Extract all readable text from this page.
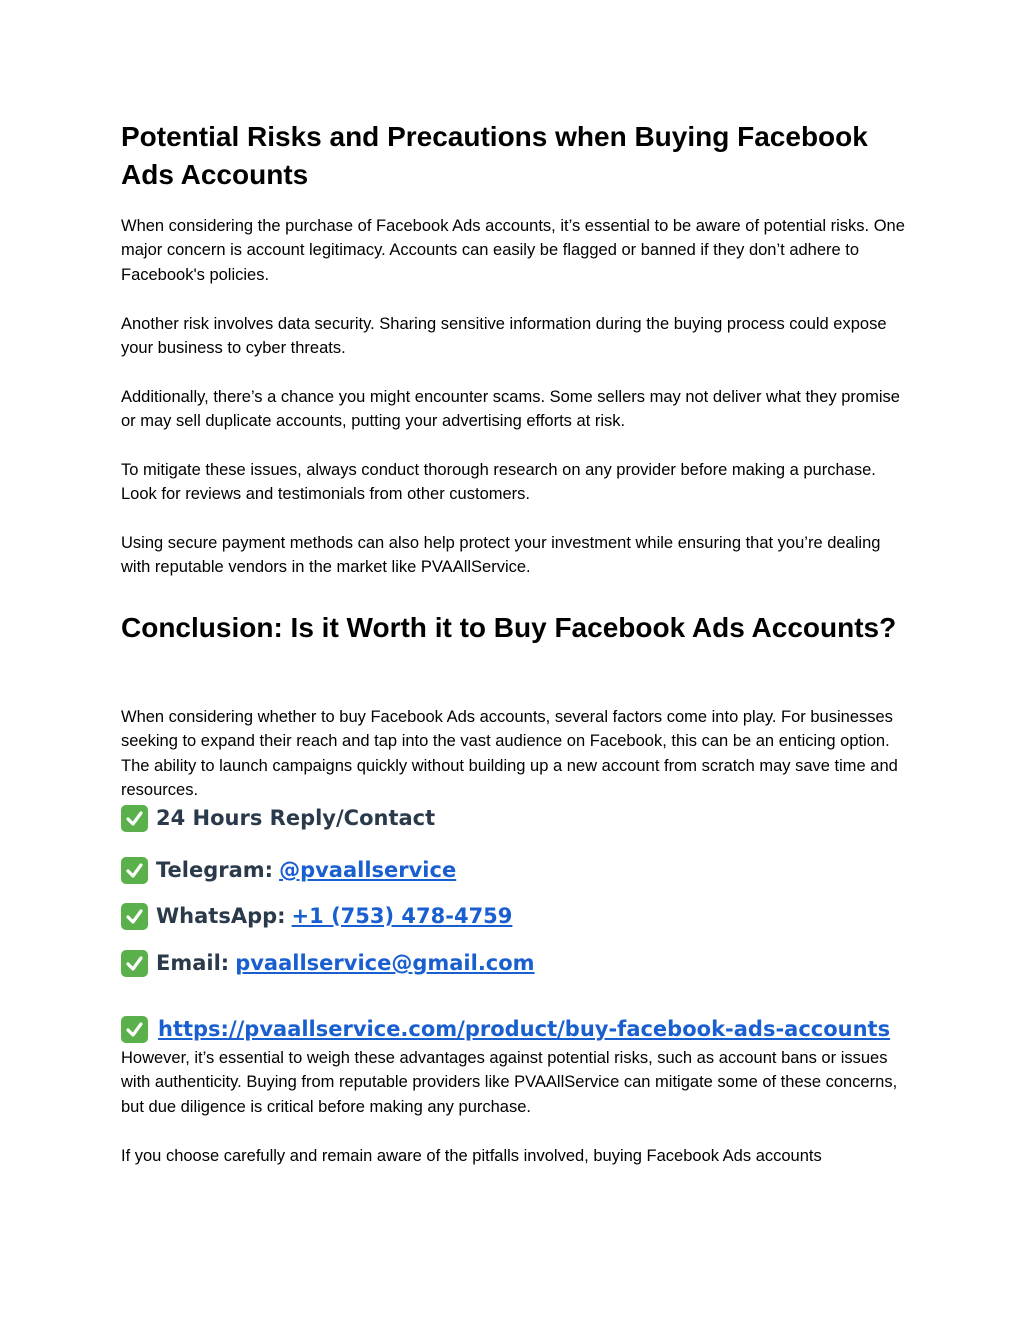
Potential Risks and Precautions when Buying Facebook Ads Accounts

When considering the purchase of Facebook Ads accounts, it’s essential to be aware of potential risks. One major concern is account legitimacy. Accounts can easily be flagged or banned if they don’t adhere to Facebook's policies.

Another risk involves data security. Sharing sensitive information during the buying process could expose your business to cyber threats.

Additionally, there’s a chance you might encounter scams. Some sellers may not deliver what they promise or may sell duplicate accounts, putting your advertising efforts at risk.

To mitigate these issues, always conduct thorough research on any provider before making a purchase. Look for reviews and testimonials from other customers.

Using secure payment methods can also help protect your investment while ensuring that you’re dealing with reputable vendors in the market like PVAAllService.

Conclusion: Is it Worth it to Buy Facebook Ads Accounts?

When considering whether to buy Facebook Ads accounts, several factors come into play. For businesses seeking to expand their reach and tap into the vast audience on Facebook, this can be an enticing option. The ability to launch campaigns quickly without building up a new account from scratch may save time and resources.

24 Hours Reply/Contact
Telegram: @pvaallservice
WhatsApp: +1 (753) 478-4759
Email: pvaallservice@gmail.com
https://pvaallservice.com/product/buy-facebook-ads-accounts

However, it’s essential to weigh these advantages against potential risks, such as account bans or issues with authenticity. Buying from reputable providers like PVAAllService can mitigate some of these concerns, but due diligence is critical before making any purchase.

If you choose carefully and remain aware of the pitfalls involved, buying Facebook Ads accounts
